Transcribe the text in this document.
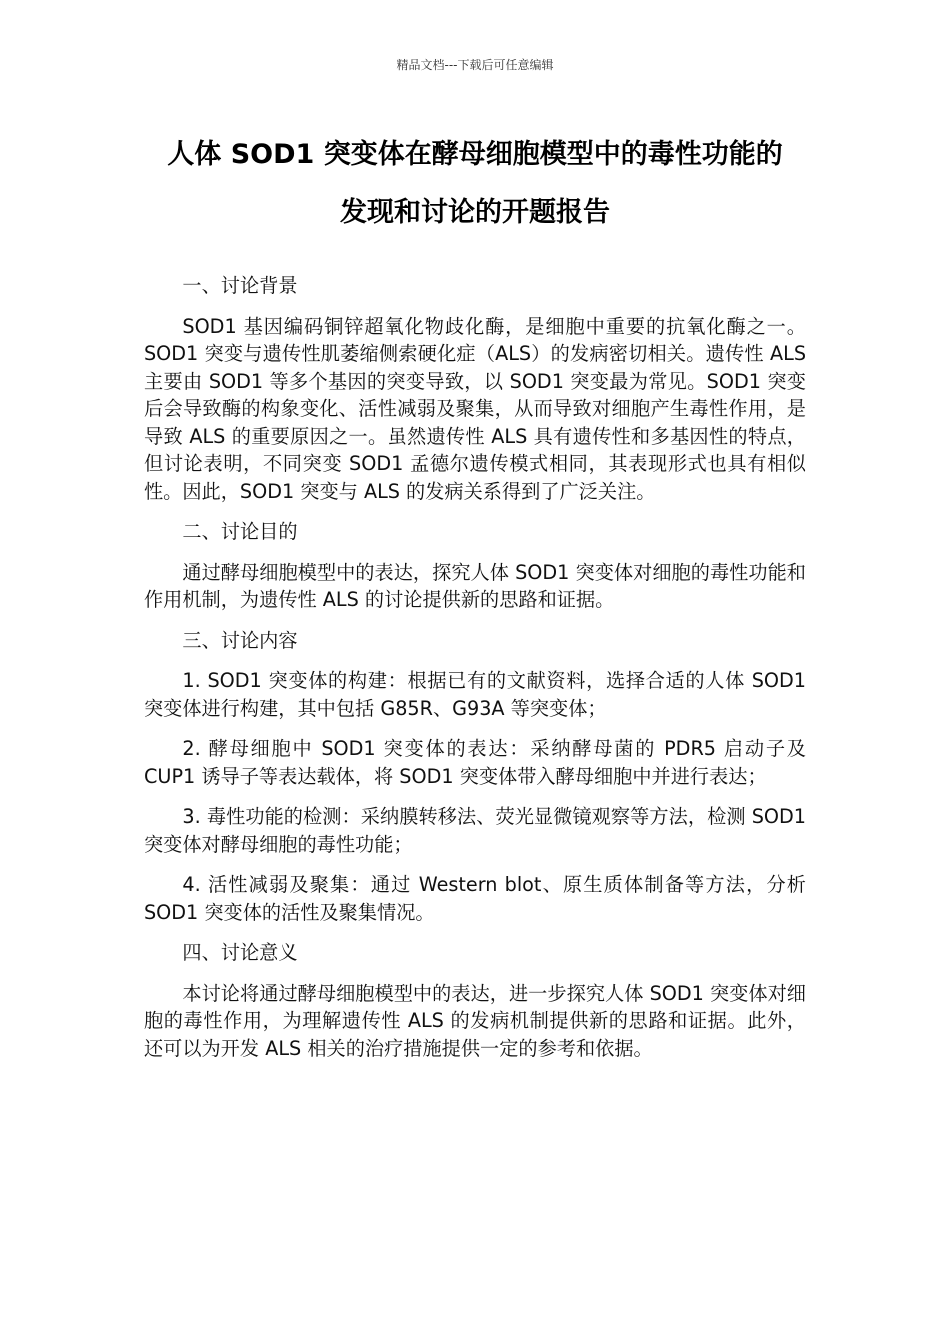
精品文档---下载后可任意编辑
人体 SOD1 突变体在酵母细胞模型中的毒性功能的
发现和讨论的开题报告

一、讨论背景

SOD1 基因编码铜锌超氧化物歧化酶，是细胞中重要的抗氧化酶之一。SOD1 突变与遗传性肌萎缩侧索硬化症（ALS）的发病密切相关。遗传性 ALS 主要由 SOD1 等多个基因的突变导致，以 SOD1 突变最为常见。SOD1 突变后会导致酶的构象变化、活性减弱及聚集，从而导致对细胞产生毒性作用，是导致 ALS 的重要原因之一。虽然遗传性 ALS 具有遗传性和多基因性的特点，但讨论表明，不同突变 SOD1 孟德尔遗传模式相同，其表现形式也具有相似性。因此，SOD1 突变与 ALS 的发病关系得到了广泛关注。

二、讨论目的

通过酵母细胞模型中的表达，探究人体 SOD1 突变体对细胞的毒性功能和作用机制，为遗传性 ALS 的讨论提供新的思路和证据。

三、讨论内容

1. SOD1 突变体的构建：根据已有的文献资料，选择合适的人体 SOD1 突变体进行构建，其中包括 G85R、G93A 等突变体；

2. 酵母细胞中 SOD1 突变体的表达：采纳酵母菌的 PDR5 启动子及 CUP1 诱导子等表达载体，将 SOD1 突变体带入酵母细胞中并进行表达；

3. 毒性功能的检测：采纳膜转移法、荧光显微镜观察等方法，检测 SOD1 突变体对酵母细胞的毒性功能；

4. 活性减弱及聚集：通过 Western blot、原生质体制备等方法，分析 SOD1 突变体的活性及聚集情况。

四、讨论意义

本讨论将通过酵母细胞模型中的表达，进一步探究人体 SOD1 突变体对细胞的毒性作用，为理解遗传性 ALS 的发病机制提供新的思路和证据。此外，还可以为开发 ALS 相关的治疗措施提供一定的参考和依据。
